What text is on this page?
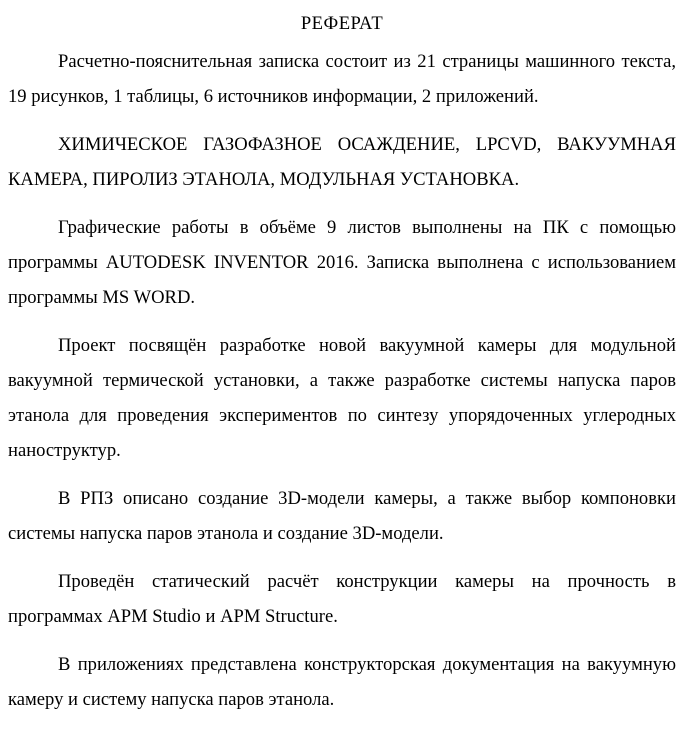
РЕФЕРАТ
Расчетно-пояснительная записка состоит из 21 страницы машинного текста, 19 рисунков, 1 таблицы, 6 источников информации, 2 приложений.
ХИМИЧЕСКОЕ ГАЗОФАЗНОЕ ОСАЖДЕНИЕ, LPCVD, ВАКУУМНАЯ КАМЕРА, ПИРОЛИЗ ЭТАНОЛА, МОДУЛЬНАЯ УСТАНОВКА.
Графические работы в объёме 9 листов выполнены на ПК с помощью программы AUTODESK INVENTOR 2016. Записка выполнена с использованием программы MS WORD.
Проект посвящён разработке новой вакуумной камеры для модульной вакуумной термической установки, а также разработке системы напуска паров этанола для проведения экспериментов по синтезу упорядоченных углеродных наноструктур.
В РПЗ описано создание 3D-модели камеры, а также выбор компоновки системы напуска паров этанола и создание 3D-модели.
Проведён статический расчёт конструкции камеры на прочность в программах APM Studio и APM Structure.
В приложениях представлена конструкторская документация на вакуумную камеру и систему напуска паров этанола.
